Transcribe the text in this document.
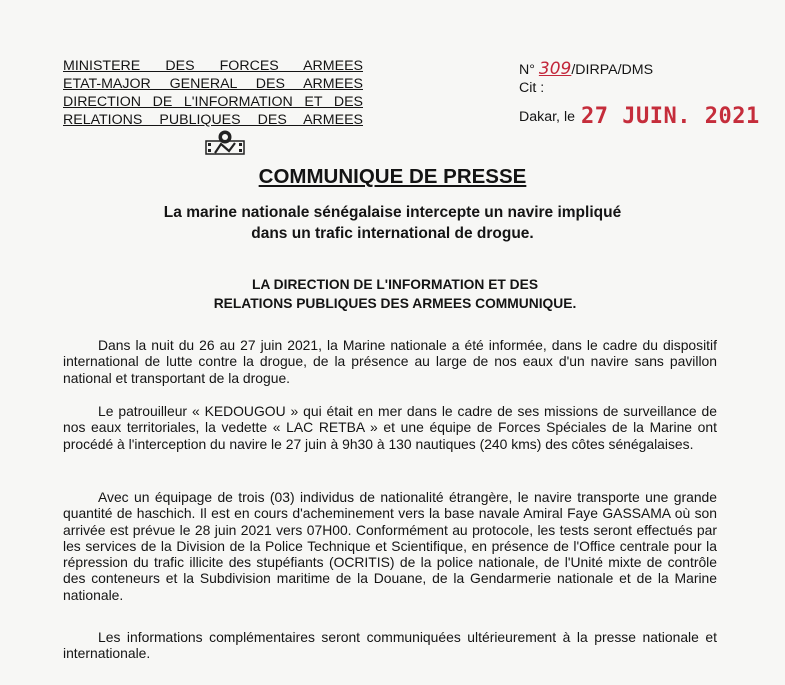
MINISTERE DES FORCES ARMEES
ETAT-MAJOR GENERAL DES ARMEES
DIRECTION DE L'INFORMATION ET DES
RELATIONS PUBLIQUES DES ARMEES
N° 309/DIRPA/DMS
Cit :
Dakar, le 27 JUIN. 2021
COMMUNIQUE DE PRESSE
La marine nationale sénégalaise intercepte un navire impliqué
dans un trafic international de drogue.
LA DIRECTION DE L'INFORMATION ET DES
RELATIONS PUBLIQUES DES ARMEES COMMUNIQUE.
Dans la nuit du 26 au 27 juin 2021, la Marine nationale a été informée, dans le cadre du dispositif international de lutte contre la drogue, de la présence au large de nos eaux d'un navire sans pavillon national et transportant de la drogue.
Le patrouilleur « KEDOUGOU » qui était en mer dans le cadre de ses missions de surveillance de nos eaux territoriales, la vedette « LAC RETBA » et une équipe de Forces Spéciales de la Marine ont procédé à l'interception du navire le 27 juin à 9h30 à 130 nautiques (240 kms) des côtes sénégalaises.
Avec un équipage de trois (03) individus de nationalité étrangère, le navire transporte une grande quantité de haschich. Il est en cours d'acheminement vers la base navale Amiral Faye GASSAMA où son arrivée est prévue le 28 juin 2021 vers 07H00. Conformément au protocole, les tests seront effectués par les services de la Division de la Police Technique et Scientifique, en présence de l'Office centrale pour la répression du trafic illicite des stupéfiants (OCRITIS) de la police nationale, de l'Unité mixte de contrôle des conteneurs et la Subdivision maritime de la Douane, de la Gendarmerie nationale et de la Marine nationale.
Les informations complémentaires seront communiquées ultérieurement à la presse nationale et internationale.
